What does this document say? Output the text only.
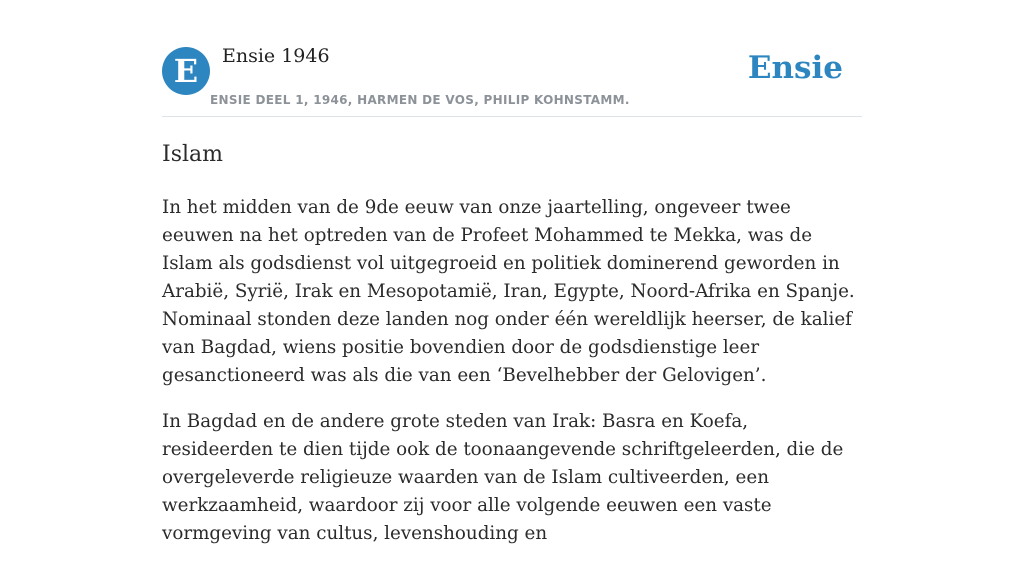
E	Ensie 1946
ENSIE DEEL 1, 1946, HARMEN DE VOS, PHILIP KOHNSTAMM.
Ensie
Islam

In het midden van de 9de eeuw van onze jaartelling, ongeveer twee eeuwen na het optreden van de Profeet Mohammed te Mekka, was de Islam als godsdienst vol uitgegroeid en politiek dominerend geworden in Arabië, Syrië, Irak en Mesopotamië, Iran, Egypte, Noord-Afrika en Spanje. Nominaal stonden deze landen nog onder één wereldlijk heerser, de kalief van Bagdad, wiens positie bovendien door de godsdienstige leer gesanctioneerd was als die van een ‘Bevelhebber der Gelovigen’.

In Bagdad en de andere grote steden van Irak: Basra en Koefa, resideerden te dien tijde ook de toonaangevende schriftgeleerden, die de overgeleverde religieuze waarden van de Islam cultiveerden, een werkzaamheid, waardoor zij voor alle volgende eeuwen een vaste vormgeving van cultus, levenshouding en
